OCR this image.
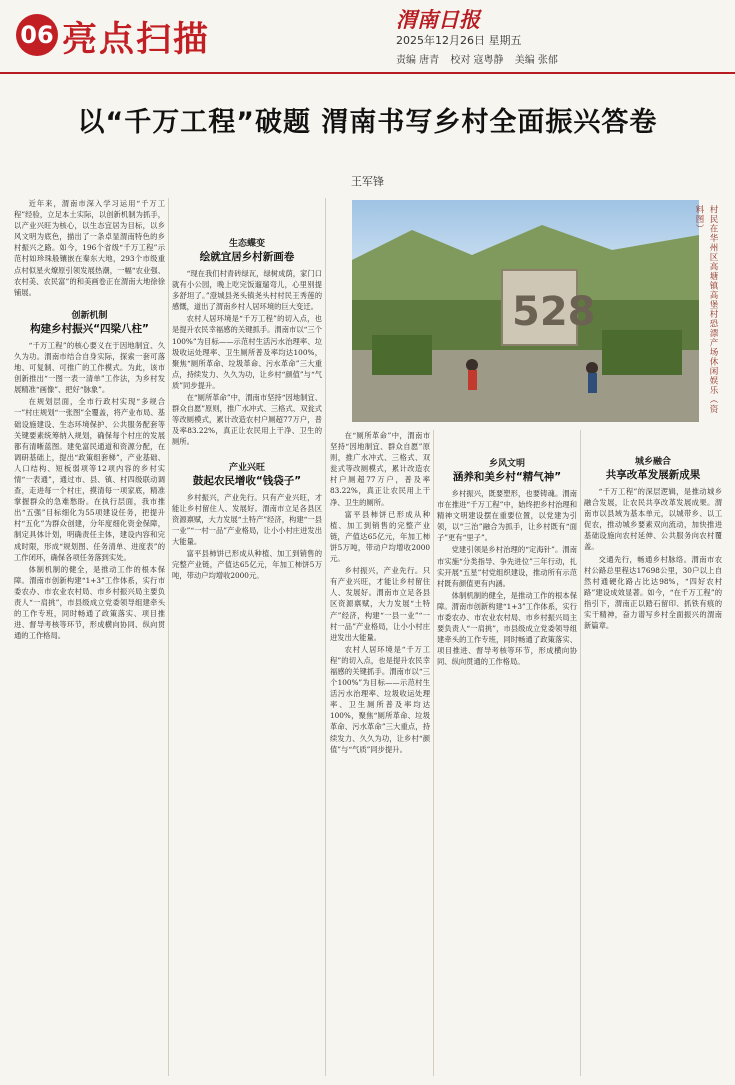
06 亮点扫描
渭南日报
2025年12月26日 星期五
责编 唐青 校对 寇粤静 美编 张郁
以“千万工程”破题 渭南书写乡村全面振兴答卷
王军锋

近年来，渭南市深入学习运用“千万工程”经验，立足本土实际，以创新机制为抓手，以产业兴旺为核心，以生态宜居为目标，以乡风文明为底色，描出了一条卓显渭南特色的乡村振兴之路。如今，196个省级“千万工程”示范村如珍珠般镶嵌在秦东大地，293个市级重点村似星火燎原引领发展热潮，一幅“农业强、农村美、农民富”的和美画卷正在渭南大地徐徐铺展。

创新机制
构建乡村振兴“四梁八柱”

“千万工程”的核心要义在于因地制宜、久久为功。渭南市结合自身实际，探索一套可落地、可复制、可推广的工作模式。为此，该市创新推出“一图一表一清单”工作法，为乡村发展精准“画像”、把好“脉象”。

在规划层面，全市行政村实现“多规合一”村庄规划“一张图”全覆盖，将产业布局、基础设施建设、生态环境保护、公共服务配套等关键要素统筹纳入规划，确保每个村庄的发展都有清晰蓝图。建免富民通道和资源分配，在调研基础上，提出“政策组套梯”，产业基础、人口结构、短板弱项等12项内容的乡村实情“一表通”，通过市、县、镇、村四级联动调查，走进每一个村庄，摸清每一项家底，精准掌握群众的急难愁盼。在执行层面，我市推出“五强”目标细化为55项建设任务，把提升村“五化”为群众创建，分年度细化资金保障，制定具体计划，明确责任主体，建设内容和完成时限，形成“规划图、任务清单、进度表”的工作闭环，确保各项任务落到实处。

体制机制的健全，是推动工作的根本保障。渭南市创新构建“1+3”工作体系，实行市委农办、市农业农村局、市乡村振兴局主要负责人“一肩挑”，市县级成立党委领导组建牵头的工作专班，同时畅通了政策落实、项目推进、督导考核等环节，形成横向协同、纵向贯通的工作格局。

生态蝶变
绘就宜居乡村新画卷

“现在我们村青砖绿瓦，绿树成荫，家门口就有小公园，晚上吃完饭遛遛弯儿，心里别提多舒坦了。”澄城县尧头镇尧头村村民王秀莲的感慨，道出了渭南乡村人居环境的巨大变迁。

农村人居环境是“千万工程”的切入点，也是提升农民幸福感的关键抓手。渭南市以“三个100%”为目标——示范村生活污水治理率、垃圾收运处理率、卫生厕所普及率均达100%，聚焦“厕所革命、垃圾革命、污水革命”三大重点，持续发力、久久为功，让乡村“颜值”与“气质”同步提升。

在“厕所革命”中，渭南市坚持“因地制宜、群众自愿”原则，推广水冲式、三格式、双瓮式等改厕模式，累计改造农村户厕超77万户，普及率83.22%，真正让农民用上干净、卫生的厕所。

产业兴旺
鼓起农民增收“钱袋子”

乡村振兴，产业先行。只有产业兴旺，才能让乡村留住人、发展好。渭南市立足各县区资源禀赋，大力发展“土特产”经济，构建“一县一业”“一村一品”产业格局，让小小村庄迸发出大能量。

富平县柿饼已形成从种植、加工到销售的完整产业链，产值达65亿元，年加工柿饼5万吨，带动户均增收2000元。

528	村民在华州区高塘镇高堡村恐漂产场休闲娱乐（资料图）

在“厕所革命”中，渭南市坚持“因地制宜、群众自愿”原则，推广水冲式、三格式、双瓮式等改厕模式，累计改造农村户厕超77万户，普及率83.22%，真正让农民用上干净、卫生的厕所。

富平县柿饼已形成从种植、加工到销售的完整产业链，产值达65亿元，年加工柿饼5万吨，带动户均增收2000元。

乡村振兴，产业先行。只有产业兴旺，才能让乡村留住人、发展好。渭南市立足各县区资源禀赋，大力发展“土特产”经济，构建“一县一业”“一村一品”产业格局，让小小村庄迸发出大能量。

农村人居环境是“千万工程”的切入点，也是提升农民幸福感的关键抓手。渭南市以“三个100%”为目标——示范村生活污水治理率、垃圾收运处理率、卫生厕所普及率均达100%，聚焦“厕所革命、垃圾革命、污水革命”三大重点，持续发力、久久为功，让乡村“颜值”与“气质”同步提升。

乡风文明
涵养和美乡村“精气神”

乡村振兴，既要塑形，也要铸魂。渭南市在推进“千万工程”中，始终把乡村治理和精神文明建设摆在重要位置，以党建为引领，以“三治”融合为抓手，让乡村既有“面子”更有“里子”。

党建引领是乡村治理的“定海针”。渭南市实施“分类指导、争先进位”三年行动，扎实开展“五星”村党组织建设，推动所有示范村既有颜值更有内涵。

体制机制的健全，是推动工作的根本保障。渭南市创新构建“1+3”工作体系，实行市委农办、市农业农村局、市乡村振兴局主要负责人“一肩挑”，市县级成立党委领导组建牵头的工作专班，同时畅通了政策落实、项目推进、督导考核等环节，形成横向协同、纵向贯通的工作格局。

城乡融合
共享改革发展新成果

“千万工程”的深层逻辑，是推动城乡融合发展，让农民共享改革发展成果。渭南市以县域为基本单元，以城带乡、以工促农，推动城乡要素双向流动，加快推进基础设施向农村延伸、公共服务向农村覆盖。

交通先行，畅通乡村脉络。渭南市农村公路总里程达17698公里，30户以上自然村通硬化路占比达98%，“四好农村路”建设成效显著。如今，“在千万工程”的指引下，渭南正以踏石留印、抓铁有痕的实干精神，奋力谱写乡村全面振兴的渭南新篇章。
